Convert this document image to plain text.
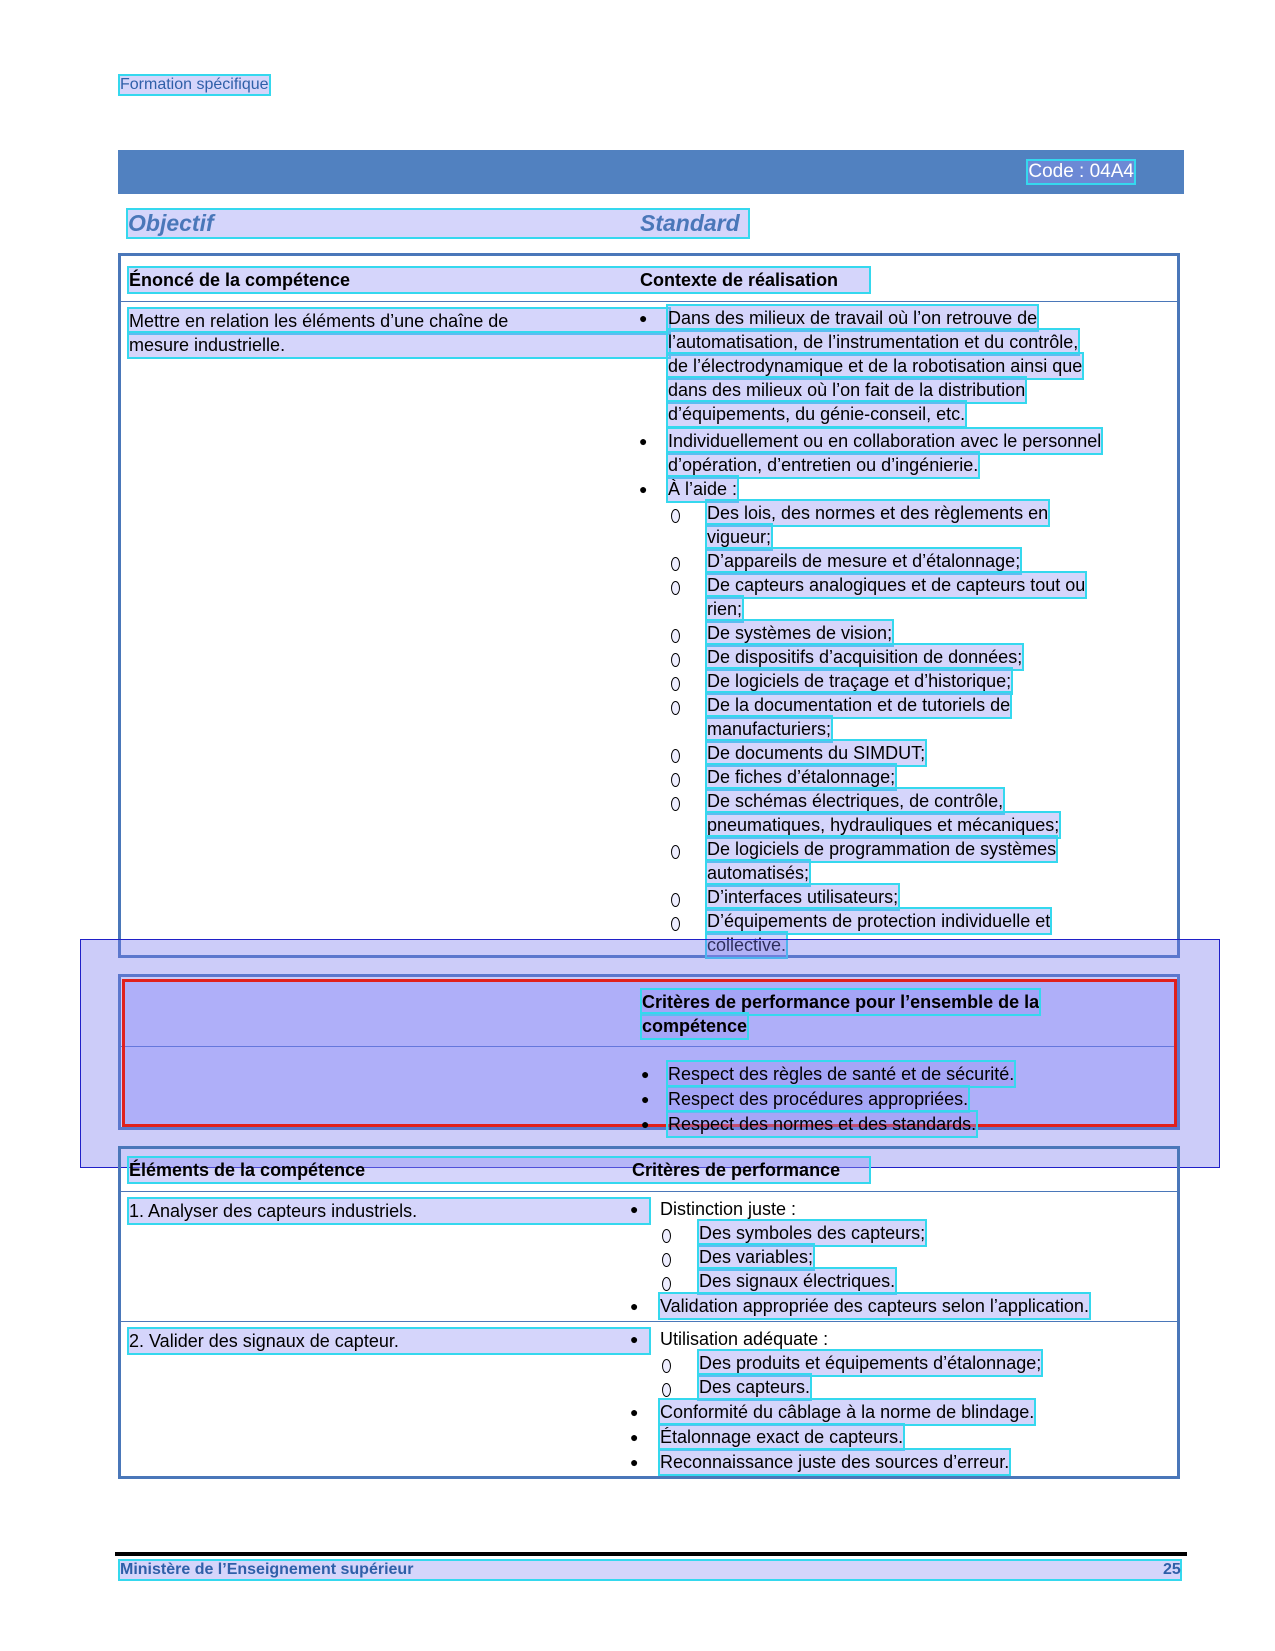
Formation spécifique
Code : 04A4
Objectif	Standard
Énoncé de la compétence	Contexte de réalisation
Mettre en relation les éléments d’une chaîne de
mesure industrielle.
● Dans des milieux de travail où l’on retrouve de
l’automatisation, de l’instrumentation et du contrôle,
de l’électrodynamique et de la robotisation ainsi que
dans des milieux où l’on fait de la distribution
d’équipements, du génie-conseil, etc.
● Individuellement ou en collaboration avec le personnel
d’opération, d’entretien ou d’ingénierie.
● À l’aide :
Des lois, des normes et des règlements en
vigueur;
D’appareils de mesure et d’étalonnage;
De capteurs analogiques et de capteurs tout ou
rien;
De systèmes de vision;
De dispositifs d’acquisition de données;
De logiciels de traçage et d’historique;
De la documentation et de tutoriels de
manufacturiers;
De documents du SIMDUT;
De fiches d’étalonnage;
De schémas électriques, de contrôle,
pneumatiques, hydrauliques et mécaniques;
De logiciels de programmation de systèmes
automatisés;
D’interfaces utilisateurs;
D’équipements de protection individuelle et
collective.
Critères de performance pour l’ensemble de la
compétence
● Respect des règles de santé et de sécurité.
● Respect des procédures appropriées.
● Respect des normes et des standards.
Éléments de la compétence	Critères de performance
1. Analyser des capteurs industriels.	● Distinction juste :
Des symboles des capteurs;
Des variables;
Des signaux électriques.
● Validation appropriée des capteurs selon l’application.
2. Valider des signaux de capteur.	● Utilisation adéquate :
Des produits et équipements d’étalonnage;
Des capteurs.
● Conformité du câblage à la norme de blindage.
● Étalonnage exact de capteurs.
● Reconnaissance juste des sources d’erreur.
Ministère de l’Enseignement supérieur	25
